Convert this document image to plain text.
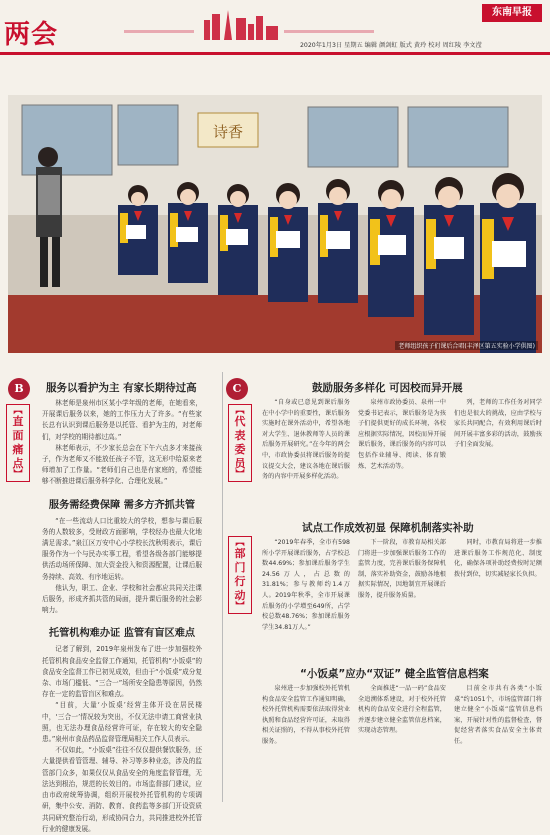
两会
东南早报
2020年1月3日 星期五 编辑 颜剑虹 版式 黄玲 校对 周红陵 李文滢
诗香
老师组织孩子们课后合唱(丰泽区第五实验小学供图)
B
︻
直
面
痛
点
︼
服务以看护为主 有家长期待过高

林老师是泉州市区某小学年级的老师，在她看来，开展课后服务以来，她的工作压力大了许多。“有些家长总有认识到课后服务是以托管、看护为主的，对老师们，对学校的期待都过高。”

林老师表示，不少家长总会在下午六点多才来接孩子，作为老师又不能放任孩子不管，这无形中给原来老师增加了工作量。“老师们自己也是有家庭的，希望能够不断推进课后服务科学化、合理化发展。”

服务需经费保障 需多方齐抓共管

“在一些流动人口比重较大的学校，想参与课后服务的人数较多，受财政方面影响，学校经办也最大化地满足需求。”泉江区万安中心小学校长沈秋明表示，课后服务作为一个与民办实事工程，希望各级各部门能够提供活动场所保障、加大资金投入和资源配置，让课后服务持续、高效、有序地运转。

他认为，职工、企业、学校和社会都应共同关注课后服务，形成齐抓共管的局面，提升课后服务的社会影响力。

托管机构难办证 监管有盲区难点

记者了解到，2019年泉州发布了进一步加强校外托管机构食品安全监督工作通知，托管机构“小饭桌”的食品安全监督工作已初见成效，但由于“小饭桌”成分复杂、市场门槛低、“三合一”场所安全隐患等原因，仍然存在一定的监管盲区和难点。

“目前，大量‘小饭桌’经营主体开设在居民楼中，‘三合一’情况较为突出，不仅无法申请工商营业执照，也无法办理食品经营许可证，存在较大的安全隐患。”泉州市食品药品监督管理局相关工作人员表示。

不仅如此，“小饭桌”往往不仅仅提供餐饮服务，还大量提供看管管理、辅导、补习等多种业态，涉及的监管部门众多，如果仅仅从食品安全的角度监督管理，无法达到根治，规范的长效目的。市场监督部门建议，应由市政府统筹协调，组织开展校外托管机构的专项调研，集中公安、消防、教育、食药监等多部门开设资质共同研究整治行动，形成协同合力，共同推进校外托管行业的健康发展。

C
︻
代
表
委
员
︼
鼓励服务多样化 可因校而异开展

“自身或已意见到课后服务在中小学中的重要性，课后服务实施时在课外活动中，希望各地对大学生、退休教师等人员的课后服务开展研究。”在今年的两会中，市政协委员将课后服务的提议提交大会，建议各地在课后服务的内容中开展多样化活动。

泉州市政协委员、泉州一中党委书记表示，课后服务是为孩子们提供更好的成长环境，各校应根据实际情况，因校而异开展课后服务，课后服务的内容可以包括作业辅导、阅读、体育锻炼、艺术活动等。

列，老师的工作任务对同学们也是很大的挑战，应由学校与家长共同配合，有效利用课后时间开展丰富多彩的活动，鼓励孩子们全面发展。

试点工作成效初显 保障机制落实补助
︻
部
门
行
动
︼

“2019年春季，全市有598所小学开展课后服务，占学校总数44.69%；参加课后服务学生24.56万人，占总数的31.81%；参与教师约1.4万人。2019年秋季，全市开展课后服务的小学增至649所，占学校总数48.76%；参加课后服务学生34.81万人。”

下一阶段，市教育局相关部门将进一步加强课后服务工作的监管力度，完善课后服务保障机制，落实补助资金，鼓励各地根据实际情况，因地制宜开展课后服务，提升服务质量。

同时，市教育局将进一步推进课后服务工作规范化、制度化，确保各项补助经费按时足额拨付到位，切实减轻家长负担。

“小饭桌”应办“双证” 健全监管信息档案

泉州进一步加强校外托管机构食品安全监管工作通知明确，校外托管机构需要依法取得营业执照和食品经营许可证，未取得相关证照的，不得从事校外托管服务。

全面推进“一品一码”食品安全追溯体系建设，对于校外托管机构的食品安全进行全程监管，并逐步建立健全监管信息档案，实现动态管理。

目前全市共有各类“小饭桌”约1051个，市场监管部门将建立健全“小饭桌”监管信息档案，开展针对性的监督检查，督促经营者落实食品安全主体责任。
